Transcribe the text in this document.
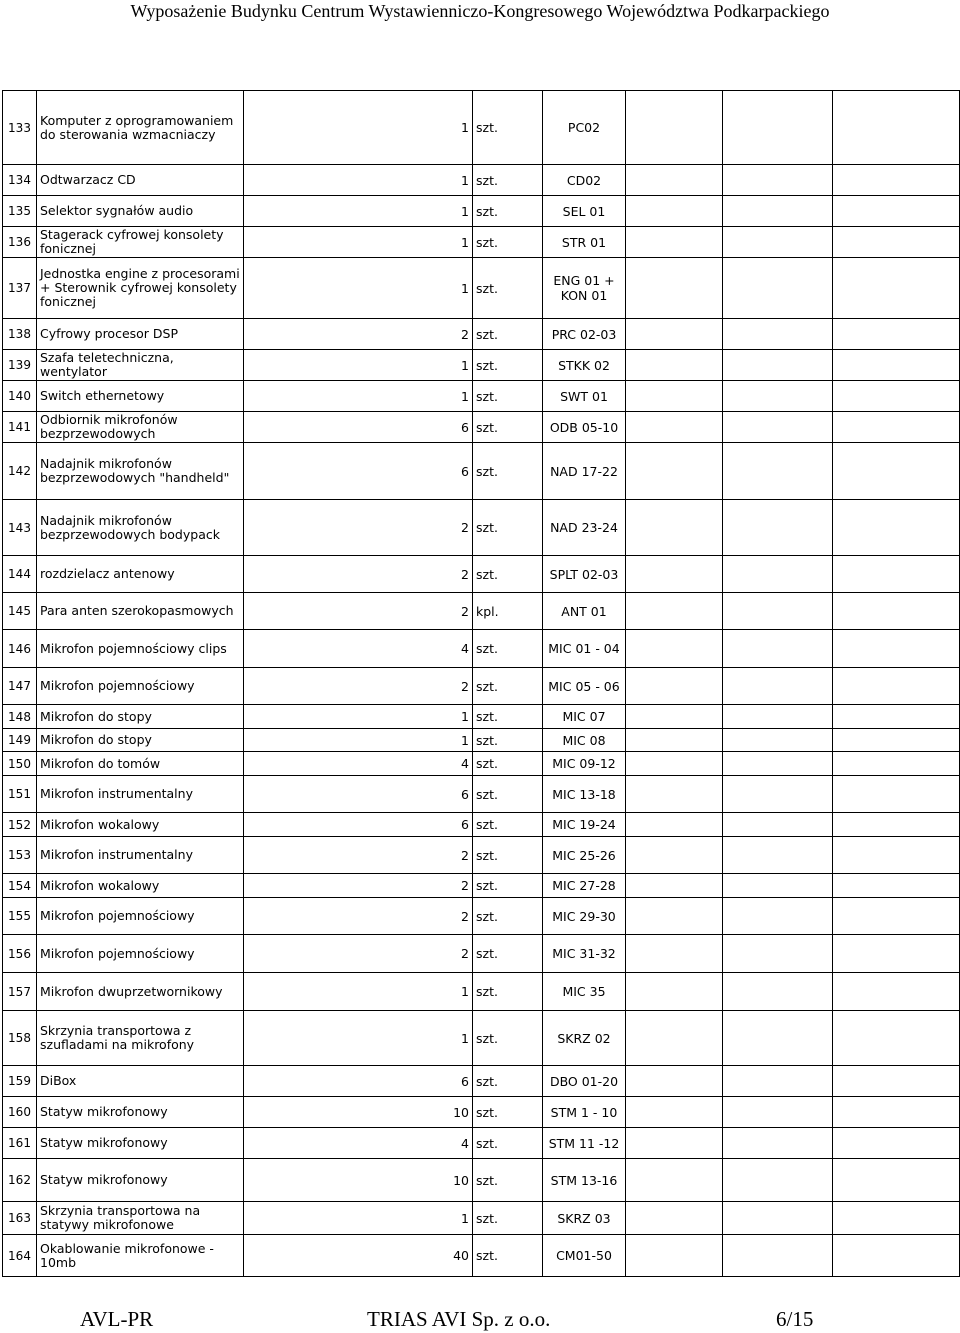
Wyposażenie Budynku Centrum Wystawienniczo-Kongresowego Województwa Podkarpackiego
133	Komputer z oprogramowaniem do sterowania wzmacniaczy	1	szt.	PC02			
134	Odtwarzacz CD	1	szt.	CD02			
135	Selektor sygnałów audio	1	szt.	SEL 01			
136	Stagerack cyfrowej konsolety fonicznej	1	szt.	STR 01			
137	Jednostka engine z procesorami + Sterownik cyfrowej konsolety fonicznej	1	szt.	ENG 01 + KON 01			
138	Cyfrowy procesor DSP	2	szt.	PRC 02-03			
139	Szafa teletechniczna, wentylator	1	szt.	STKK 02			
140	Switch ethernetowy	1	szt.	SWT 01			
141	Odbiornik mikrofonów bezprzewodowych	6	szt.	ODB 05-10			
142	Nadajnik mikrofonów bezprzewodowych "handheld"	6	szt.	NAD 17-22			
143	Nadajnik mikrofonów bezprzewodowych bodypack	2	szt.	NAD 23-24			
144	rozdzielacz antenowy	2	szt.	SPLT 02-03			
145	Para anten szerokopasmowych	2	kpl.	ANT 01			
146	Mikrofon pojemnościowy clips	4	szt.	MIC 01 - 04			
147	Mikrofon pojemnościowy	2	szt.	MIC 05 - 06			
148	Mikrofon do stopy	1	szt.	MIC 07			
149	Mikrofon do stopy	1	szt.	MIC 08			
150	Mikrofon do tomów	4	szt.	MIC 09-12			
151	Mikrofon instrumentalny	6	szt.	MIC 13-18			
152	Mikrofon wokalowy	6	szt.	MIC 19-24			
153	Mikrofon instrumentalny	2	szt.	MIC 25-26			
154	Mikrofon wokalowy	2	szt.	MIC 27-28			
155	Mikrofon pojemnościowy	2	szt.	MIC 29-30			
156	Mikrofon pojemnościowy	2	szt.	MIC 31-32			
157	Mikrofon dwuprzetwornikowy	1	szt.	MIC 35			
158	Skrzynia transportowa z szufladami na mikrofony	1	szt.	SKRZ 02			
159	DiBox	6	szt.	DBO 01-20			
160	Statyw mikrofonowy	10	szt.	STM 1 - 10			
161	Statyw mikrofonowy	4	szt.	STM 11 -12			
162	Statyw mikrofonowy	10	szt.	STM 13-16			
163	Skrzynia transportowa na statywy mikrofonowe	1	szt.	SKRZ 03			
164	Okablowanie mikrofonowe - 10mb	40	szt.	CM01-50			
AVL-PR	TRIAS AVI Sp. z o.o.	6/15
